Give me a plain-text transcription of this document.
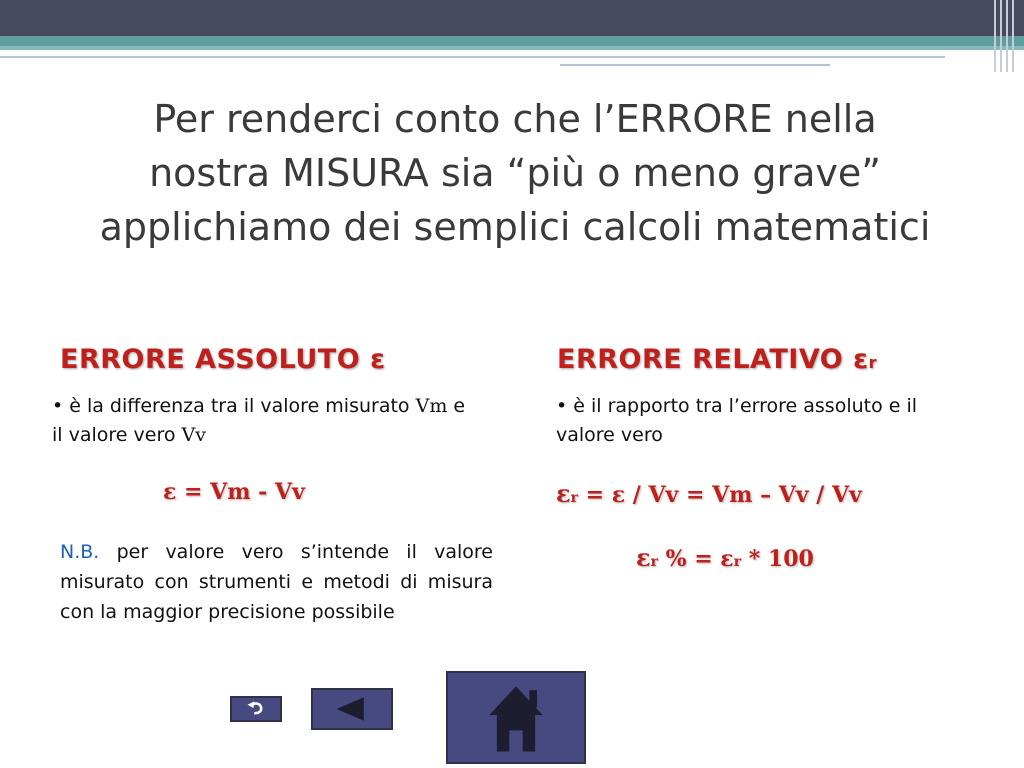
Per renderci conto che l’ERRORE nella nostra MISURA sia “più o meno grave” applichiamo dei semplici calcoli matematici
ERRORE ASSOLUTO ε
• è la differenza tra il valore misurato Vm e il valore vero Vv
ε = Vm - Vv
N.B. per valore vero s’intende il valore misurato con strumenti e metodi di misura con la maggior precisione possibile
ERRORE RELATIVO εr
• è il rapporto tra l’errore assoluto e il valore vero
εr = ε / Vv = Vm – Vv / Vv
εr % = εr * 100
